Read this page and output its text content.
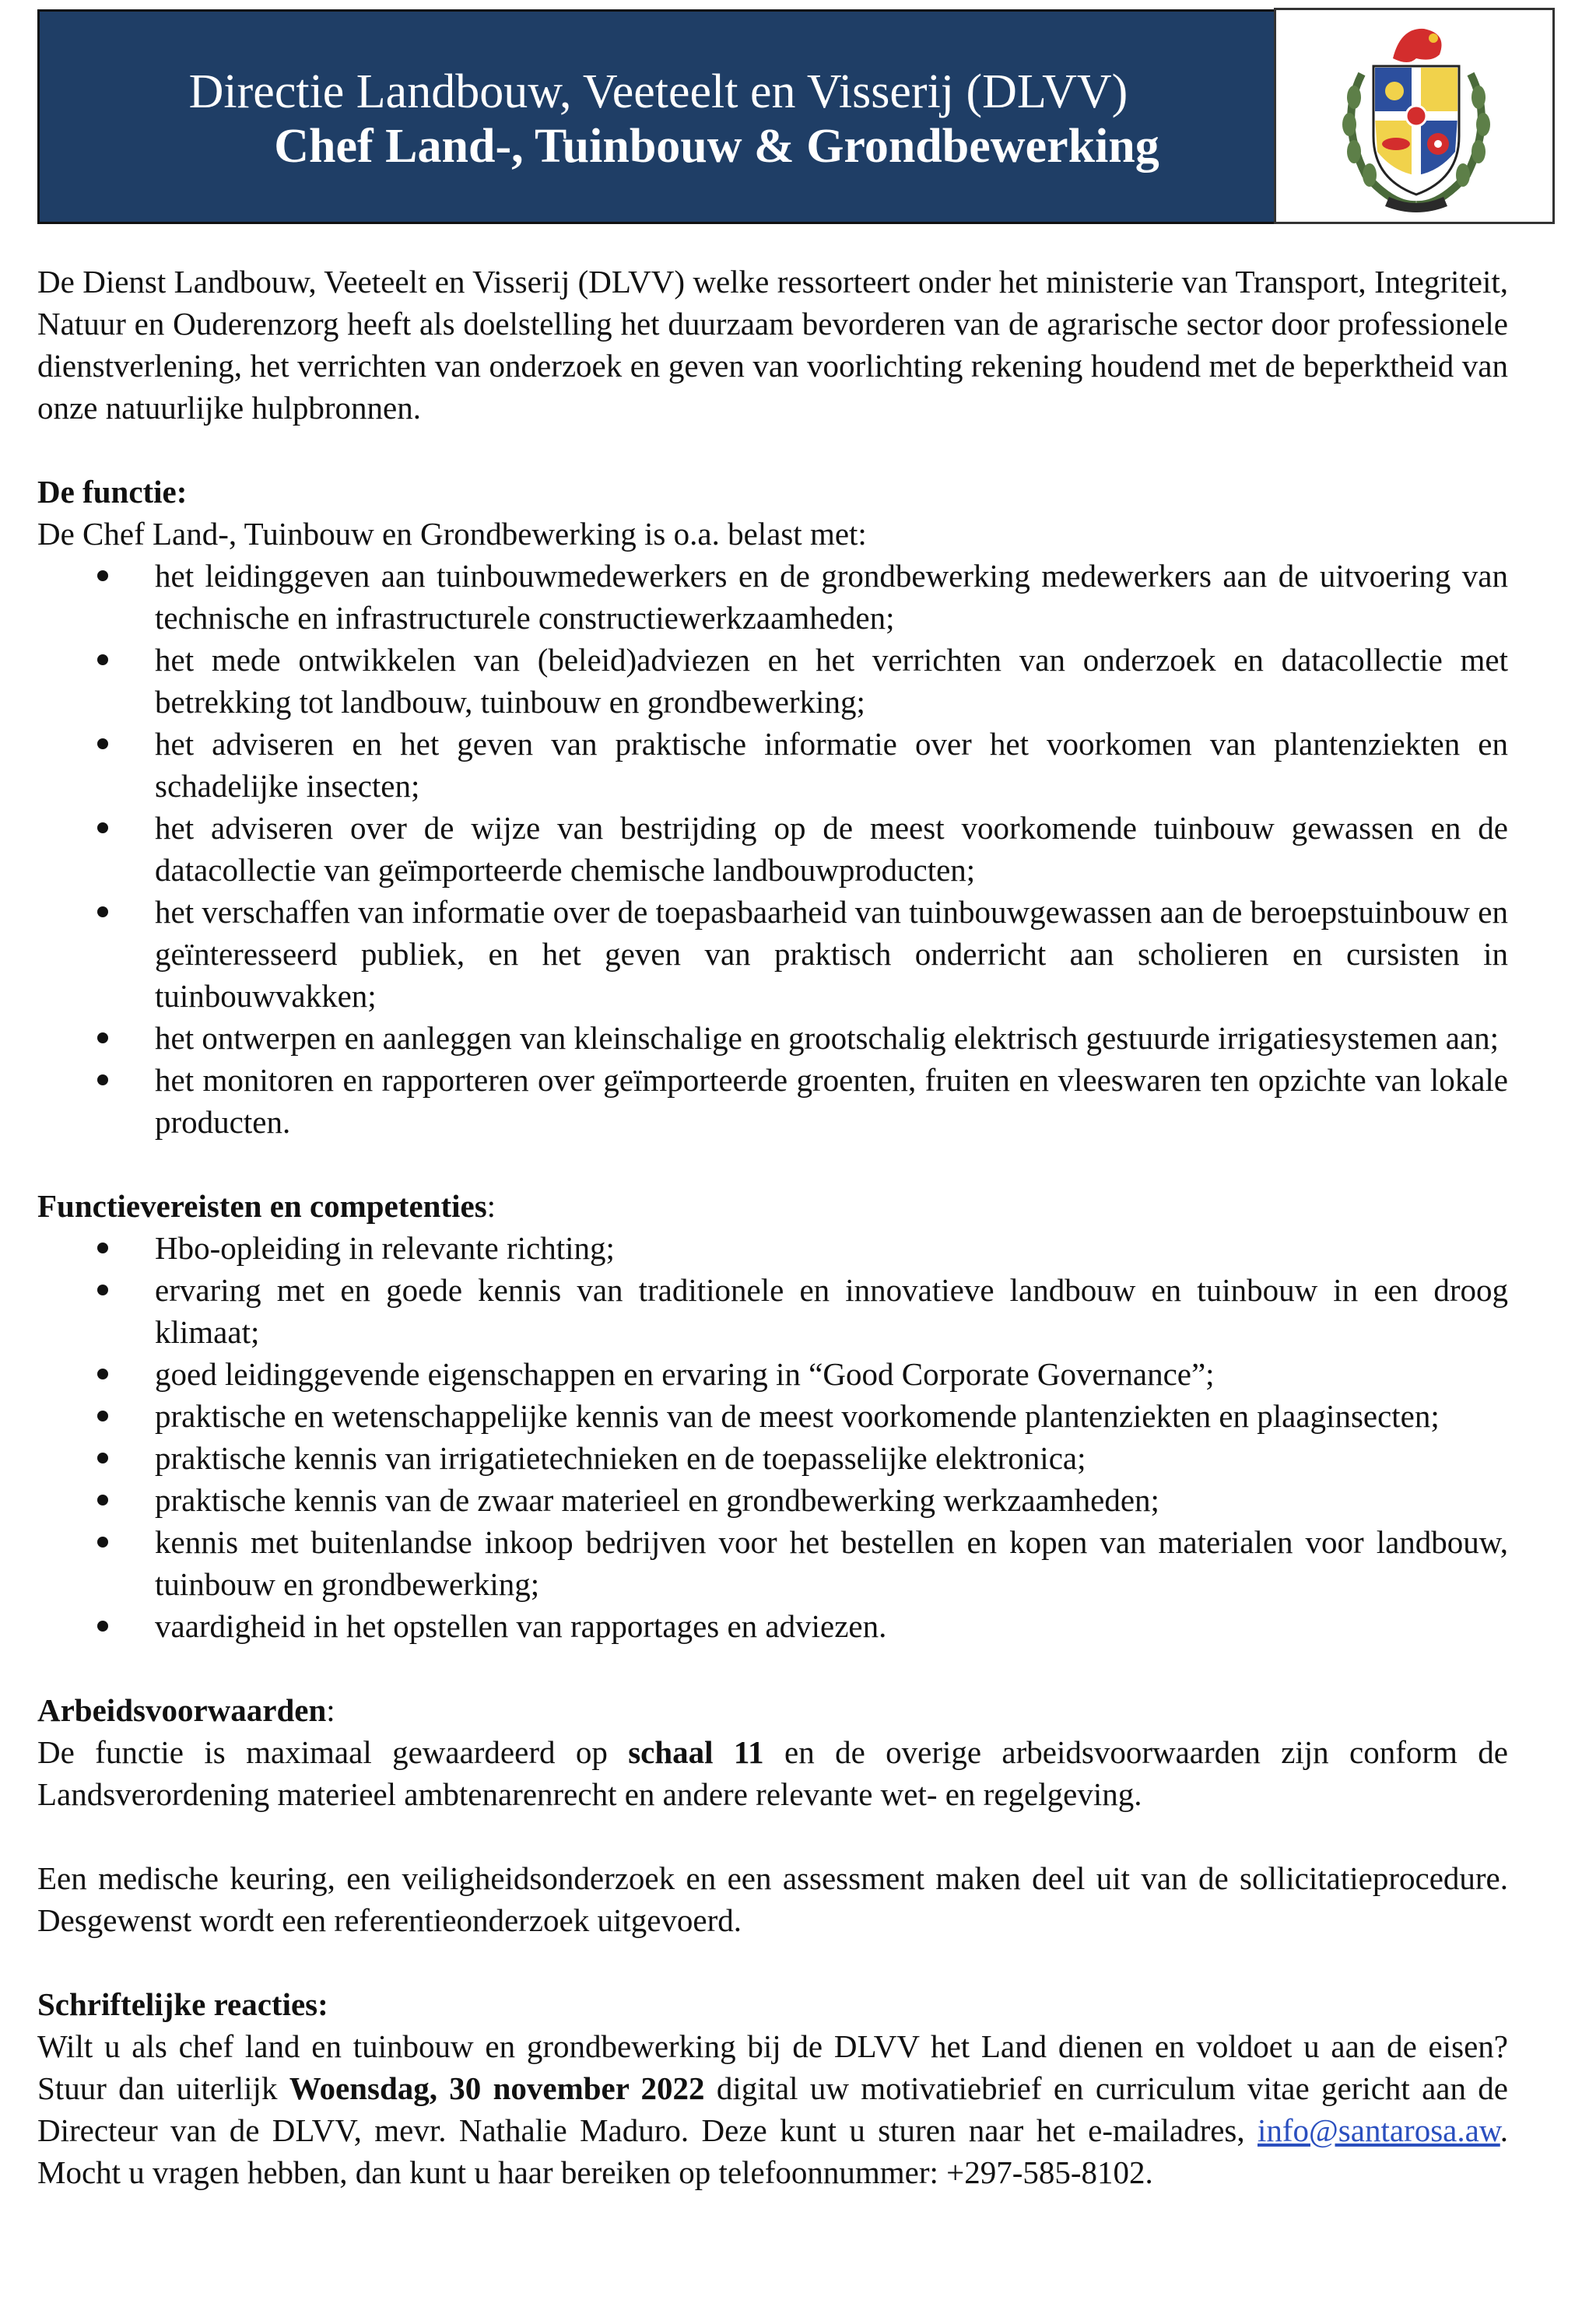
Directie Landbouw, Veeteelt en Visserij (DLVV)
Chef Land-, Tuinbouw & Grondbewerking

De Dienst Landbouw, Veeteelt en Visserij (DLVV) welke ressorteert onder het ministerie van Transport, Integriteit, Natuur en Ouderenzorg heeft als doelstelling het duurzaam bevorderen van de agrarische sector door professionele dienstverlening, het verrichten van onderzoek en geven van voorlichting rekening houdend met de beperktheid van onze natuurlijke hulpbronnen.

De functie:

De Chef Land-, Tuinbouw en Grondbewerking is o.a. belast met:

het leidinggeven aan tuinbouwmedewerkers en de grondbewerking medewerkers aan de uitvoering van technische en infrastructurele constructiewerkzaamheden;
het mede ontwikkelen van (beleid)adviezen en het verrichten van onderzoek en datacollectie met betrekking tot landbouw, tuinbouw en grondbewerking;
het adviseren en het geven van praktische informatie over het voorkomen van plantenziekten en schadelijke insecten;
het adviseren over de wijze van bestrijding op de meest voorkomende tuinbouw gewassen en de datacollectie van geïmporteerde chemische landbouwproducten;
het verschaffen van informatie over de toepasbaarheid van tuinbouwgewassen aan de beroepstuinbouw en geïnteresseerd publiek, en het geven van praktisch onderricht aan scholieren en cursisten in tuinbouwvakken;
het ontwerpen en aanleggen van kleinschalige en grootschalig elektrisch gestuurde irrigatiesystemen aan;
het monitoren en rapporteren over geïmporteerde groenten, fruiten en vleeswaren ten opzichte van lokale producten.
Functievereisten en competenties:
Hbo-opleiding in relevante richting;
ervaring met en goede kennis van traditionele en innovatieve landbouw en tuinbouw in een droog klimaat;
goed leidinggevende eigenschappen en ervaring in “Good Corporate Governance”;
praktische en wetenschappelijke kennis van de meest voorkomende plantenziekten en plaaginsecten;
praktische kennis van irrigatietechnieken en de toepasselijke elektronica;
praktische kennis van de zwaar materieel en grondbewerking werkzaamheden;
kennis met buitenlandse inkoop bedrijven voor het bestellen en kopen van materialen voor landbouw, tuinbouw en grondbewerking;
vaardigheid in het opstellen van rapportages en adviezen.
Arbeidsvoorwaarden:

De functie is maximaal gewaardeerd op schaal 11 en de overige arbeidsvoorwaarden zijn conform de Landsverordening materieel ambtenarenrecht en andere relevante wet- en regelgeving.

Een medische keuring, een veiligheidsonderzoek en een assessment maken deel uit van de sollicitatieprocedure. Desgewenst wordt een referentieonderzoek uitgevoerd.

Schriftelijke reacties:

Wilt u als chef land en tuinbouw en grondbewerking bij de DLVV het Land dienen en voldoet u aan de eisen? Stuur dan uiterlijk Woensdag, 30 november 2022 digital uw motivatiebrief en curriculum vitae gericht aan de Directeur van de DLVV, mevr. Nathalie Maduro. Deze kunt u sturen naar het e-mailadres, info@santarosa.aw. Mocht u vragen hebben, dan kunt u haar bereiken op telefoonnummer: +297-585-8102.
